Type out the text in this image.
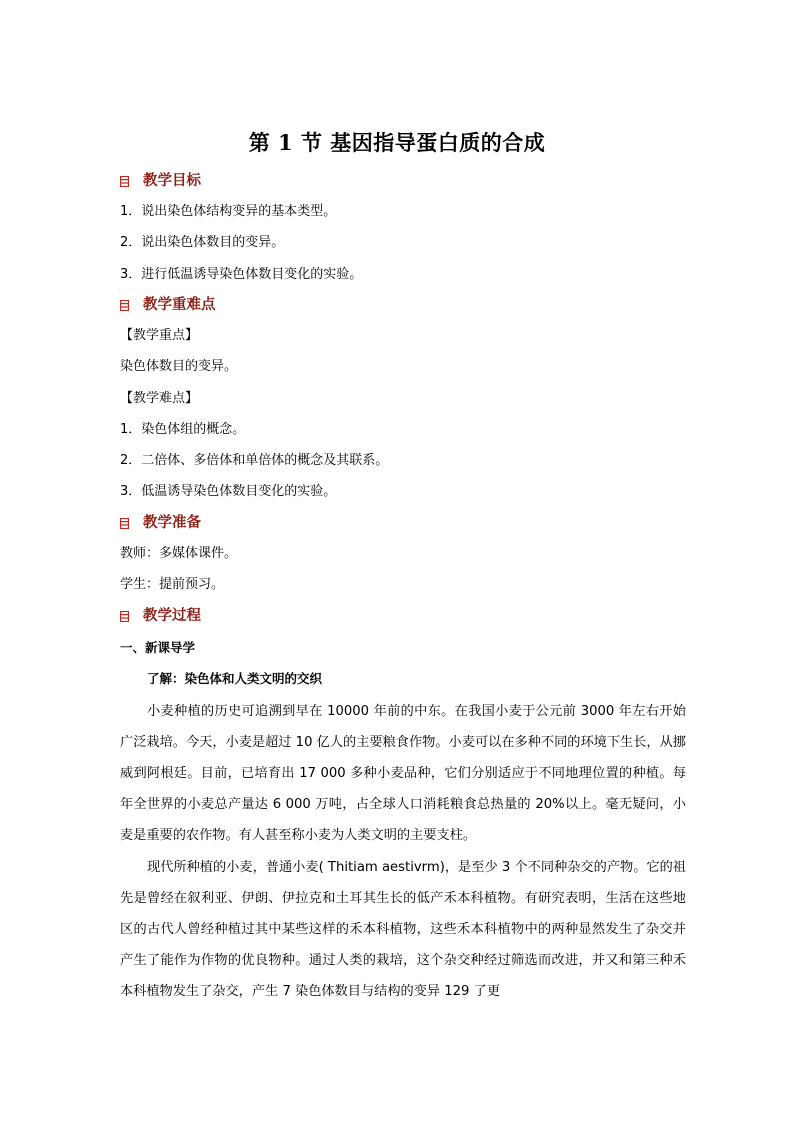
第 1 节 基因指导蛋白质的合成
教学目标
1．说出染色体结构变异的基本类型。
2．说出染色体数目的变异。
3．进行低温诱导染色体数目变化的实验。
教学重难点
【教学重点】
染色体数目的变异。
【教学难点】
1．染色体组的概念。
2．二倍体、多倍体和单倍体的概念及其联系。
3．低温诱导染色体数目变化的实验。
教学准备
教师：多媒体课件。
学生：提前预习。
教学过程
一、新课导学
了解：染色体和人类文明的交织
小麦种植的历史可追溯到早在 10000 年前的中东。在我国小麦于公元前 3000 年左右开始广泛栽培。今天，小麦是超过 10 亿人的主要粮食作物。小麦可以在多种不同的环境下生长，从挪威到阿根廷。目前，已培育出 17 000 多种小麦品种，它们分别适应于不同地理位置的种植。每年全世界的小麦总产量达 6 000 万吨，占全球人口消耗粮食总热量的 20%以上。毫无疑问，小麦是重要的农作物。有人甚至称小麦为人类文明的主要支柱。
现代所种植的小麦，普通小麦( Thitiam aestivrm)，是至少 3 个不同种杂交的产物。它的祖先是曾经在叙利亚、伊朗、伊拉克和土耳其生长的低产禾本科植物。有研究表明，生活在这些地区的古代人曾经种植过其中某些这样的禾本科植物，这些禾本科植物中的两种显然发生了杂交并产生了能作为作物的优良物种。通过人类的栽培，这个杂交种经过筛选而改进，并又和第三种禾本科植物发生了杂交，产生 7 染色体数目与结构的变异 129 了更
